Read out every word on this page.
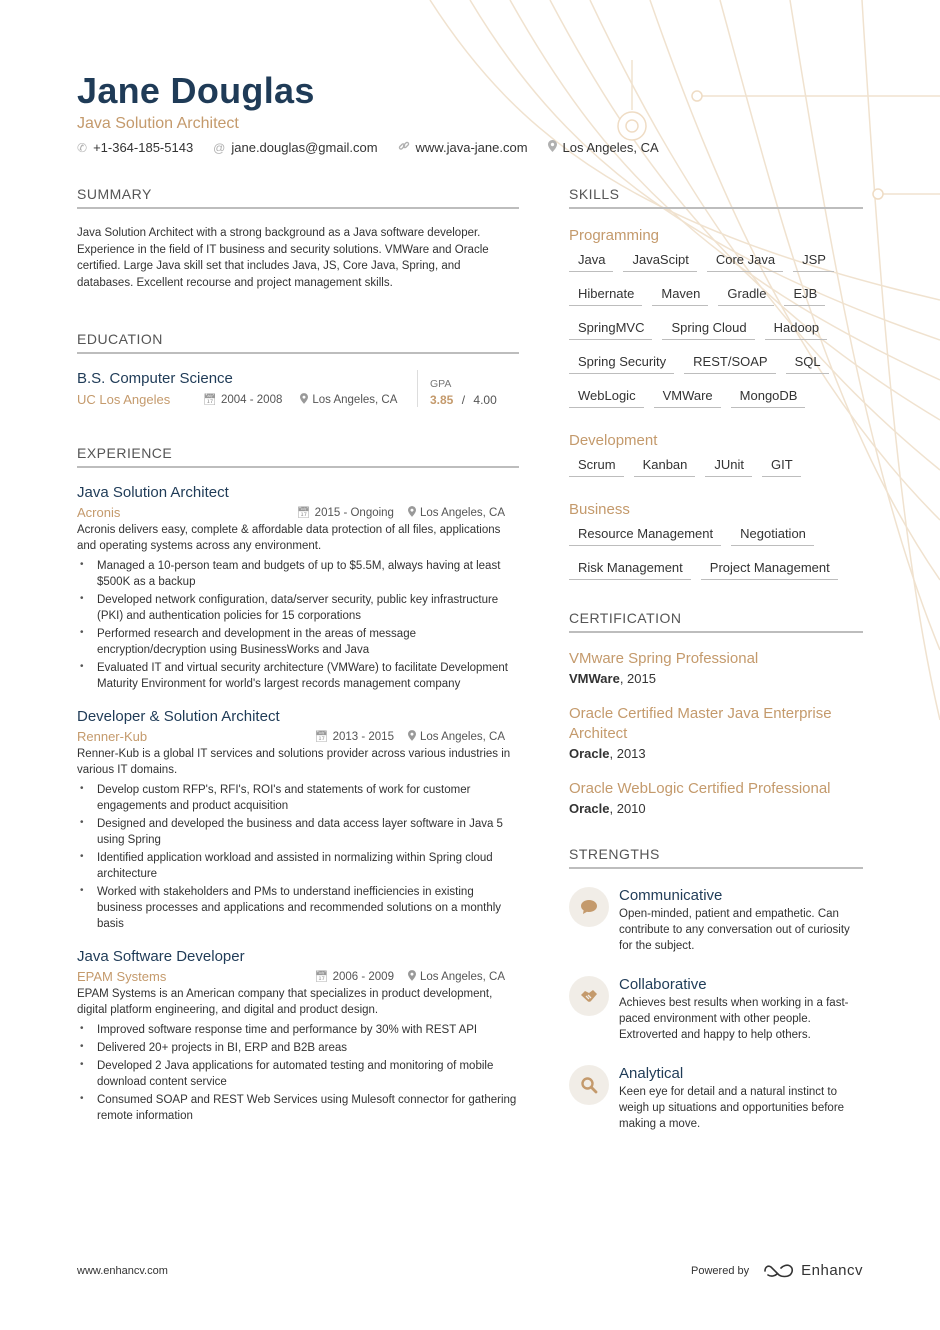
Jane Douglas
Java Solution Architect
✆ +1-364-185-5143 @ jane.douglas@gmail.com	www.java-jane.com	Los Angeles, CA
SUMMARY
Java Solution Architect with a strong background as a Java software developer. Experience in the field of IT business and security solutions. VMWare and Oracle certified. Large Java skill set that includes Java, JS, Core Java, Spring, and databases. Excellent recourse and project management skills.
EDUCATION
B.S. Computer Science
UC Los Angeles	📅︎ 2004 - 2008	Los Angeles, CA
GPA
3.85 / 4.00
EXPERIENCE
Java Solution Architect
Acronis	📅︎ 2015 - Ongoing Los Angeles, CA
Acronis delivers easy, complete & affordable data protection of all files, applications and operating systems across any environment.
• Managed a 10-person team and budgets of up to $5.5M, always having at least $500K as a backup
• Developed network configuration, data/server security, public key infrastructure (PKI) and authentication policies for 15 corporations
• Performed research and development in the areas of message encryption/decryption using BusinessWorks and Java
• Evaluated IT and virtual security architecture (VMWare) to facilitate Development Maturity Environment for world's largest records management company
Developer & Solution Architect
Renner-Kub	📅︎ 2013 - 2015 Los Angeles, CA
Renner-Kub is a global IT services and solutions provider across various industries in various IT domains.
• Develop custom RFP's, RFI's, ROI's and statements of work for customer engagements and product acquisition
• Designed and developed the business and data access layer software in Java 5 using Spring
• Identified application workload and assisted in normalizing within Spring cloud architecture
• Worked with stakeholders and PMs to understand inefficiencies in existing business processes and applications and recommended solutions on a monthly basis
Java Software Developer
EPAM Systems	📅︎ 2006 - 2009 Los Angeles, CA
EPAM Systems is an American company that specializes in product development, digital platform engineering, and digital and product design.
• Improved software response time and performance by 30% with REST API
• Delivered 20+ projects in BI, ERP and B2B areas
• Developed 2 Java applications for automated testing and monitoring of mobile download content service
• Consumed SOAP and REST Web Services using Mulesoft connector for gathering remote information
SKILLS
Programming
Java	JavaScipt	Core Java	JSP
Hibernate	Maven	Gradle	EJB
SpringMVC	Spring Cloud	Hadoop
Spring Security	REST/SOAP	SQL
WebLogic	VMWare	MongoDB
Development
Scrum	Kanban	JUnit	GIT
Business
Resource Management	Negotiation
Risk Management	Project Management
CERTIFICATION
VMware Spring Professional
VMWare, 2015
Oracle Certified Master Java Enterprise Architect
Oracle, 2013
Oracle WebLogic Certified Professional
Oracle, 2010
STRENGTHS
Communicative
Open-minded, patient and empathetic. Can contribute to any conversation out of curiosity for the subject.
Collaborative
Achieves best results when working in a fast-paced environment with other people. Extroverted and happy to help others.
Analytical
Keen eye for detail and a natural instinct to weigh up situations and opportunities before making a move.
www.enhancv.com	Powered by	Enhancv
